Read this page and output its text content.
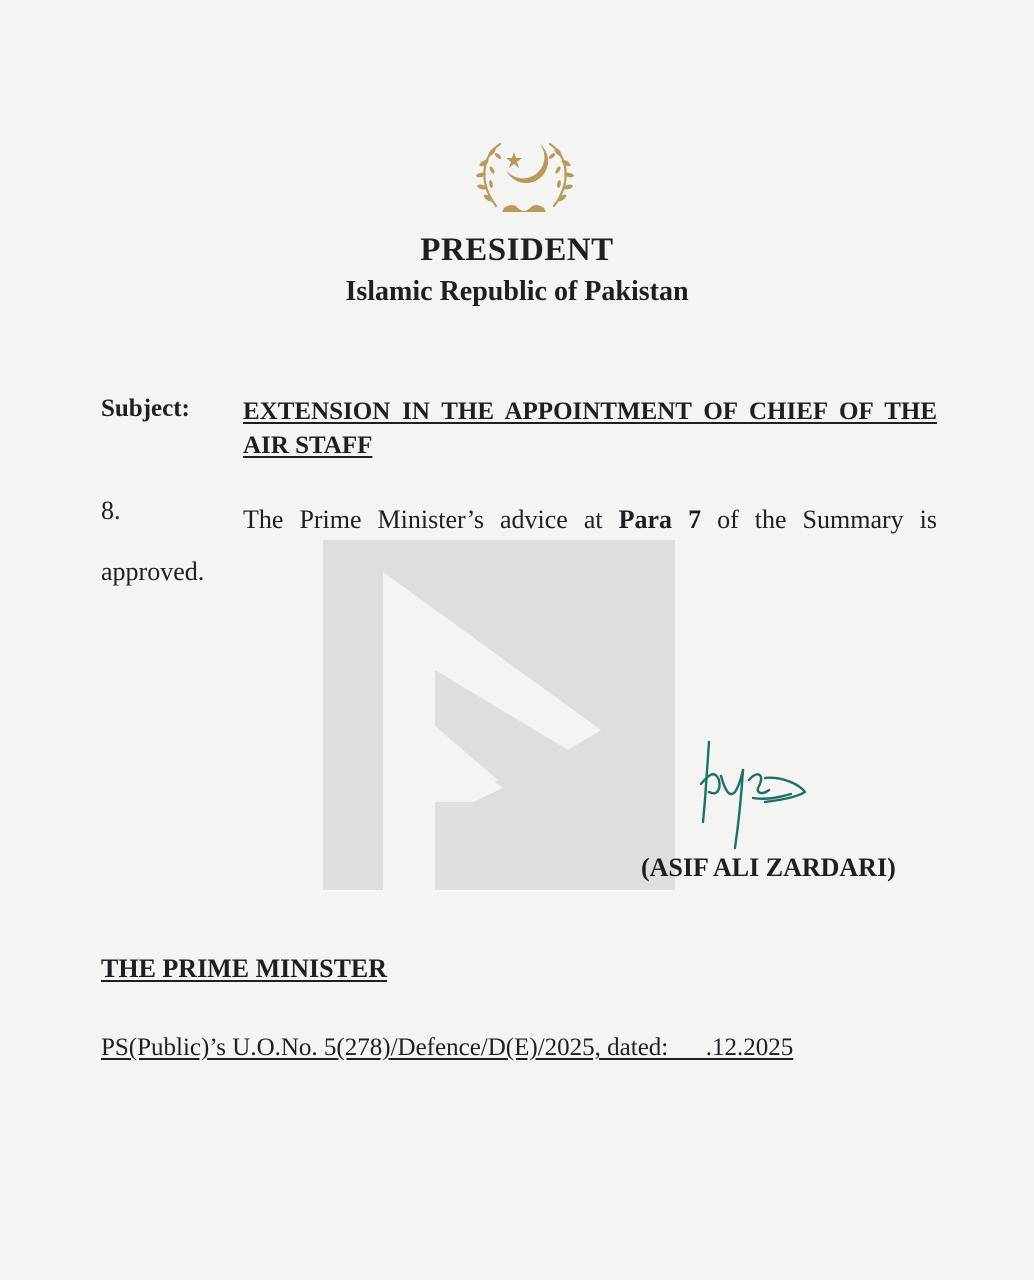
PRESIDENT
Islamic Republic of Pakistan
Subject: EXTENSION IN THE APPOINTMENT OF CHIEF OF THE AIR STAFF
8.	The Prime Minister’s advice at Para 7 of the Summary is approved.
(ASIF ALI ZARDARI)
THE PRIME MINISTER
PS(Public)’s U.O.No. 5(278)/Defence/D(E)/2025, dated:      .12.2025
